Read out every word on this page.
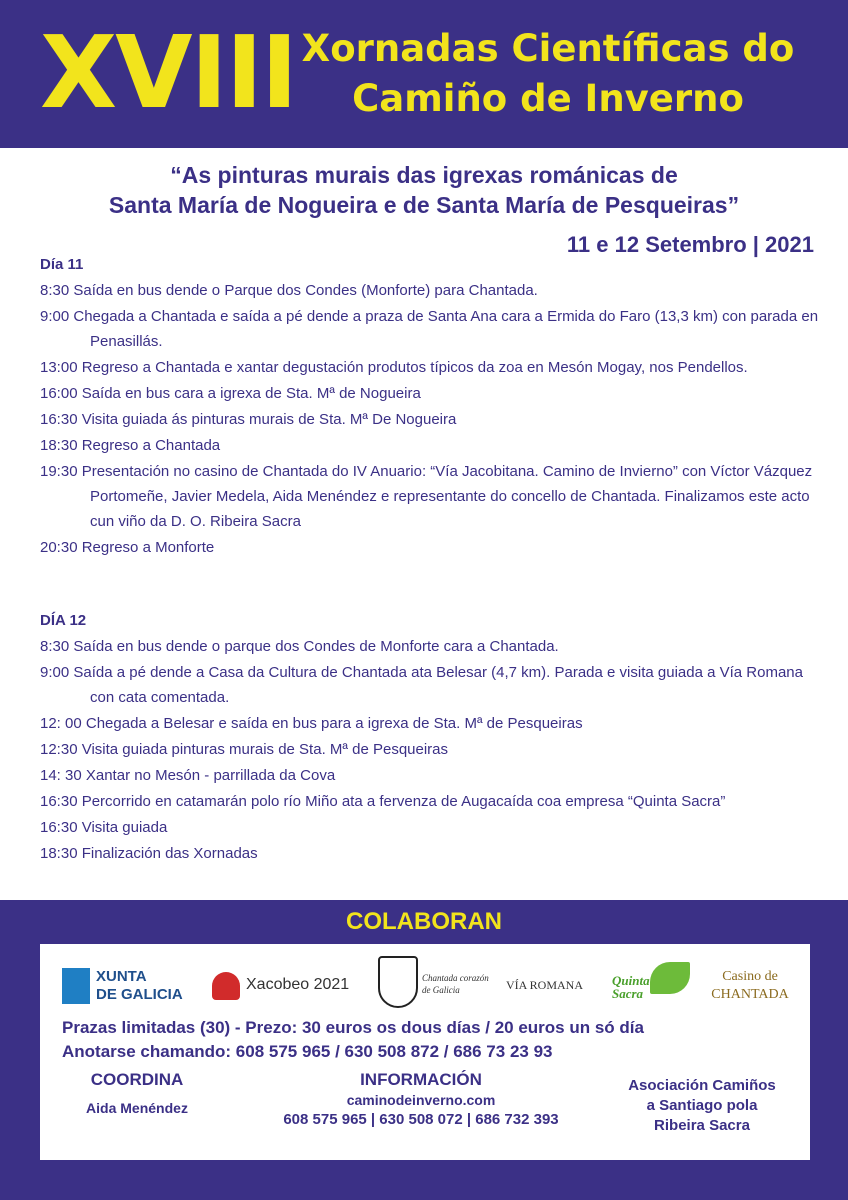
XVIII Xornadas Científicas do
Camiño de Inverno
“As pinturas murais das igrexas románicas de
Santa María de Nogueira e de Santa María de Pesqueiras”
11 e 12 Setembro | 2021
Día 11
8:30 Saída en bus dende o Parque dos Condes (Monforte) para Chantada.
9:00 Chegada a Chantada e saída a pé dende a praza de Santa Ana cara a Ermida do Faro (13,3 km) con parada en Penasillás.
13:00 Regreso a Chantada e xantar degustación produtos típicos da zoa en Mesón Mogay, nos Pendellos.
16:00 Saída en bus cara a igrexa de Sta. Mª de Nogueira
16:30 Visita guiada ás pinturas murais de Sta. Mª De Nogueira
18:30 Regreso a Chantada
19:30 Presentación no casino de Chantada do IV Anuario: “Vía Jacobitana. Camino de Invierno” con Víctor Vázquez Portomeñe, Javier Medela, Aida Menéndez e representante do concello de Chantada. Finalizamos este acto cun viño da D. O. Ribeira Sacra
20:30 Regreso a Monforte
DÍA 12
8:30 Saída en bus dende o parque dos Condes de Monforte cara a Chantada.
9:00 Saída a pé dende a Casa da Cultura de Chantada ata Belesar (4,7 km). Parada e visita guiada a Vía Romana con cata comentada.
12: 00 Chegada a Belesar e saída en bus para a igrexa de Sta. Mª de Pesqueiras
12:30 Visita guiada pinturas murais de Sta. Mª de Pesqueiras
14: 30 Xantar no Mesón - parrillada da Cova
16:30 Percorrido en catamarán polo río Miño ata a fervenza de Augacaída coa empresa “Quinta Sacra”
16:30 Visita guiada
18:30 Finalización das Xornadas
COLABORAN
XUNTA
DE GALICIA
Xacobeo 2021	Chantada corazón
de Galicia	VÍA ROMANA Quinta
Sacra
Casino de
CHANTADA
Prazas limitadas (30) - Prezo: 30 euros os dous días / 20 euros un só día
Anotarse chamando: 608 575 965 / 630 508 872 / 686 73 23 93
COORDINA
Aida Menéndez
INFORMACIÓN
caminodeinverno.com
608 575 965 | 630 508 072 | 686 732 393
Asociación Camiños
a Santiago pola
Ribeira Sacra
